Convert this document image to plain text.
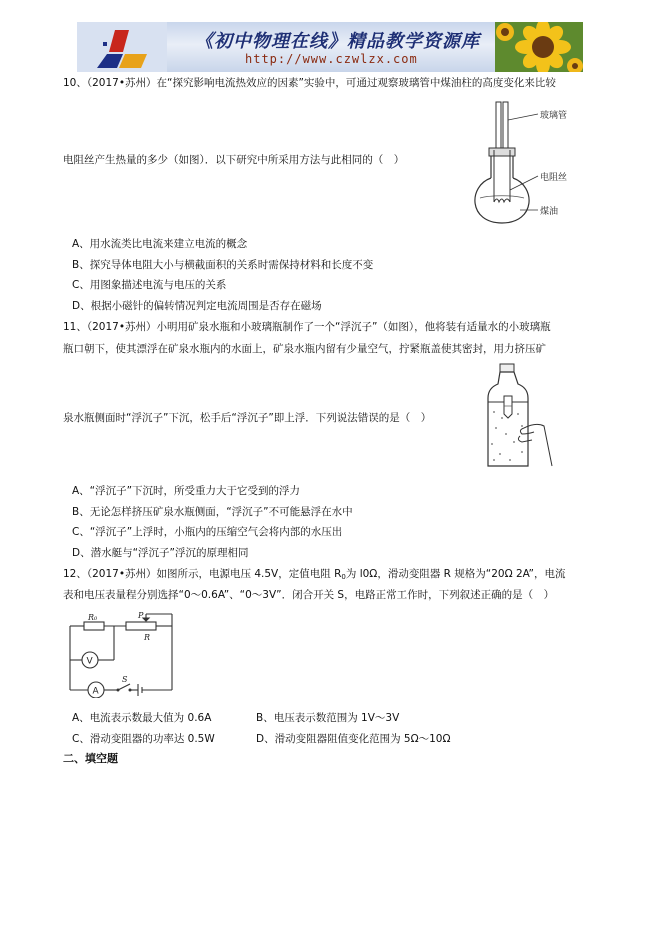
《初中物理在线》精品教学资源库
http://www.czwlzx.com
10、（2017•苏州）在“探究影响电流热效应的因素”实验中，可通过观察玻璃管中煤油柱的高度变化来比较
电阻丝产生热量的多少（如图）．以下研究中所采用方法与此相同的（　）
玻璃管
电阻丝
煤油
A、用水流类比电流来建立电流的概念
B、探究导体电阻大小与横截面积的关系时需保持材料和长度不变
C、用图象描述电流与电压的关系
D、根据小磁针的偏转情况判定电流周围是否存在磁场
11、（2017•苏州）小明用矿泉水瓶和小玻璃瓶制作了一个“浮沉子”（如图），他将装有适量水的小玻璃瓶
瓶口朝下，使其漂浮在矿泉水瓶内的水面上，矿泉水瓶内留有少量空气，拧紧瓶盖使其密封，用力挤压矿
泉水瓶侧面时“浮沉子”下沉，松手后“浮沉子”即上浮．下列说法错误的是（　）
A、“浮沉子”下沉时，所受重力大于它受到的浮力
B、无论怎样挤压矿泉水瓶侧面，“浮沉子”不可能悬浮在水中
C、“浮沉子”上浮时，小瓶内的压缩空气会将内部的水压出
D、潜水艇与“浮沉子”浮沉的原理相同
12、（2017•苏州）如图所示，电源电压 4.5V，定值电阻 $R_0$为 l0Ω，滑动变阻器 R 规格为“20Ω 2A”，电流
表和电压表量程分别选择“0～0.6A”、“0～3V”．闭合开关 S，电路正常工作时，下列叙述正确的是（　）
R₀	P
R
V
A
S
A、电流表示数最大值为 0.6A	B、电压表示数范围为 1V～3V
C、滑动变阻器的功率达 0.5W	D、滑动变阻器阻值变化范围为 5Ω～10Ω
二、填空题
